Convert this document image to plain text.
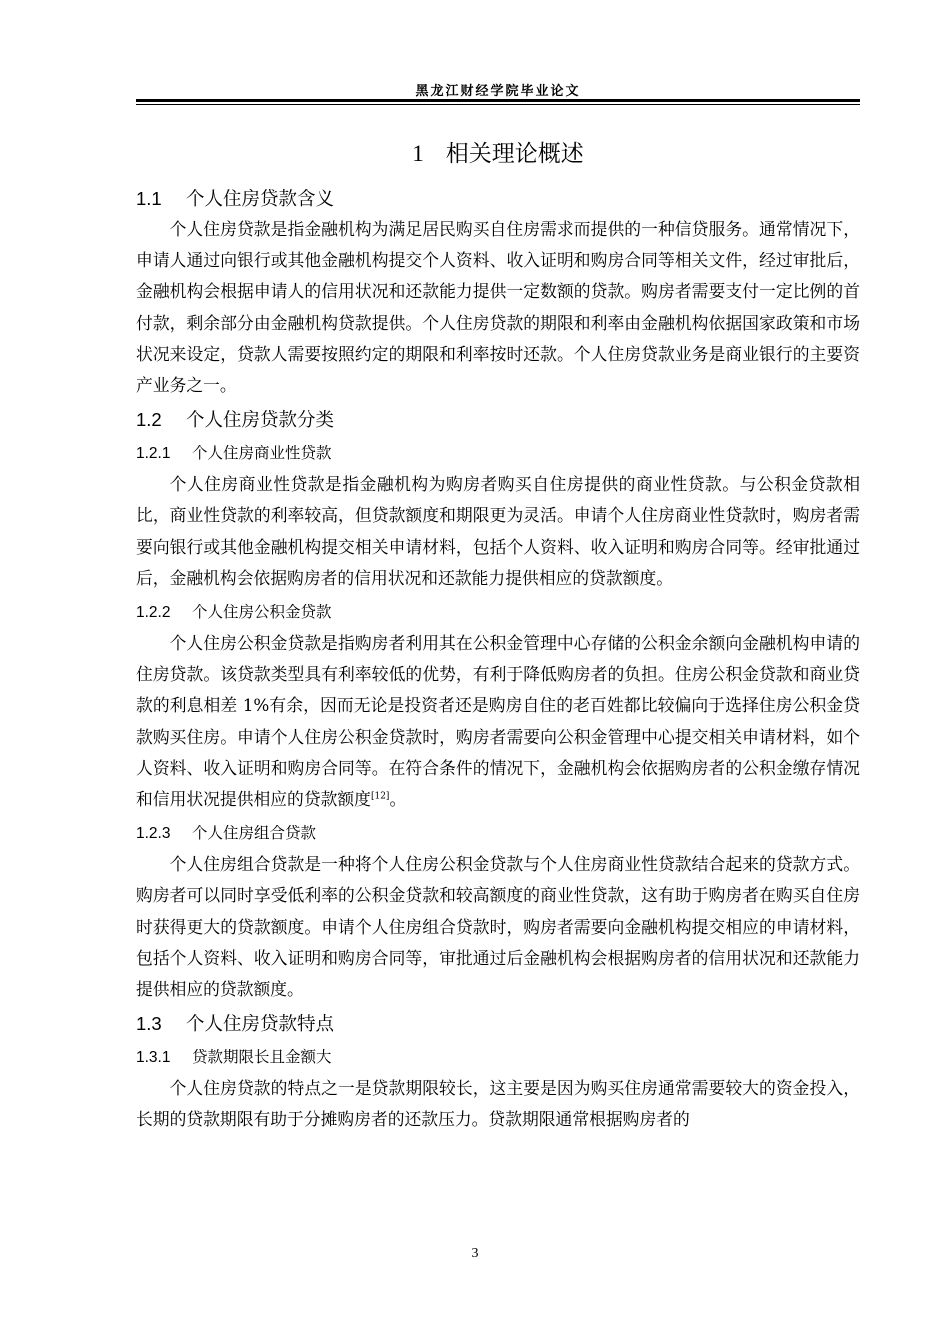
黑龙江财经学院毕业论文
1 相关理论概述
1.1 个人住房贷款含义

个人住房贷款是指金融机构为满足居民购买自住房需求而提供的一种信贷服务。通常情况下，申请人通过向银行或其他金融机构提交个人资料、收入证明和购房合同等相关文件，经过审批后，金融机构会根据申请人的信用状况和还款能力提供一定数额的贷款。购房者需要支付一定比例的首付款，剩余部分由金融机构贷款提供。个人住房贷款的期限和利率由金融机构依据国家政策和市场状况来设定，贷款人需要按照约定的期限和利率按时还款。个人住房贷款业务是商业银行的主要资产业务之一。

1.2 个人住房贷款分类
1.2.1 个人住房商业性贷款

个人住房商业性贷款是指金融机构为购房者购买自住房提供的商业性贷款。与公积金贷款相比，商业性贷款的利率较高，但贷款额度和期限更为灵活。申请个人住房商业性贷款时，购房者需要向银行或其他金融机构提交相关申请材料，包括个人资料、收入证明和购房合同等。经审批通过后，金融机构会依据购房者的信用状况和还款能力提供相应的贷款额度。

1.2.2 个人住房公积金贷款

个人住房公积金贷款是指购房者利用其在公积金管理中心存储的公积金余额向金融机构申请的住房贷款。该贷款类型具有利率较低的优势，有利于降低购房者的负担。住房公积金贷款和商业贷款的利息相差 1%有余，因而无论是投资者还是购房自住的老百姓都比较偏向于选择住房公积金贷款购买住房。申请个人住房公积金贷款时，购房者需要向公积金管理中心提交相关申请材料，如个人资料、收入证明和购房合同等。在符合条件的情况下，金融机构会依据购房者的公积金缴存情况和信用状况提供相应的贷款额度[12]。

1.2.3 个人住房组合贷款

个人住房组合贷款是一种将个人住房公积金贷款与个人住房商业性贷款结合起来的贷款方式。购房者可以同时享受低利率的公积金贷款和较高额度的商业性贷款，这有助于购房者在购买自住房时获得更大的贷款额度。申请个人住房组合贷款时，购房者需要向金融机构提交相应的申请材料，包括个人资料、收入证明和购房合同等，审批通过后金融机构会根据购房者的信用状况和还款能力提供相应的贷款额度。

1.3 个人住房贷款特点
1.3.1 贷款期限长且金额大

个人住房贷款的特点之一是贷款期限较长，这主要是因为购买住房通常需要较大的资金投入，长期的贷款期限有助于分摊购房者的还款压力。贷款期限通常根据购房者的

3
